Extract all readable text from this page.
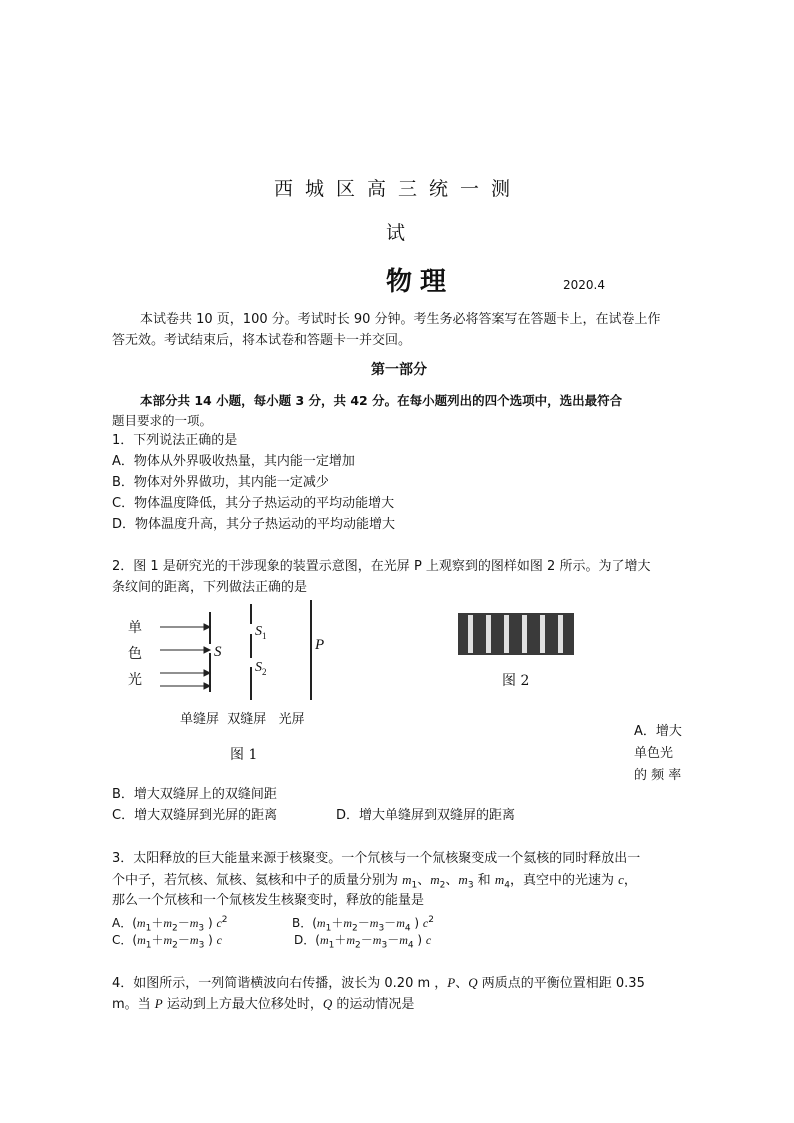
西城区高三统一测
试
物理	2020.4
本试卷共 10 页，100 分。考试时长 90 分钟。考生务必将答案写在答题卡上，在试卷上作
答无效。考试结束后，将本试卷和答题卡一并交回。
第一部分
本部分共 14 小题，每小题 3 分，共 42 分。在每小题列出的四个选项中，选出最符合
题目要求的一项。
1．下列说法正确的是
A．物体从外界吸收热量，其内能一定增加
B．物体对外界做功，其内能一定减少
C．物体温度降低，其分子热运动的平均动能增大
D．物体温度升高，其分子热运动的平均动能增大
2．图 1 是研究光的干涉现象的装置示意图，在光屏 P 上观察到的图样如图 2 所示。为了增大
条纹间的距离，下列做法正确的是
单
色
光
S
$S_1$
$S_2$
P
单缝屏  双缝屏   光屏
图 1
图 2
A．增大
单色光
的 频 率
B．增大双缝屏上的双缝间距
C．增大双缝屏到光屏的距离	D．增大单缝屏到双缝屏的距离
3．太阳释放的巨大能量来源于核聚变。一个氘核与一个氚核聚变成一个氦核的同时释放出一
个中子，若氘核、氚核、氦核和中子的质量分别为 $m_1$、$m_2$、$m_3$ 和 $m_4$，真空中的光速为 c，
那么一个氘核和一个氚核发生核聚变时，释放的能量是
A．($m_1+m_2-m_3$ ) $c^2$	B．($m_1+m_2-m_3-m_4$ ) $c^2$
C．($m_1+m_2-m_3$ ) c	D．($m_1+m_2-m_3-m_4$ ) c
4．如图所示，一列简谐横波向右传播，波长为 0.20 m ，P、Q 两质点的平衡位置相距 0.35
m。当 P 运动到上方最大位移处时，Q 的运动情况是
